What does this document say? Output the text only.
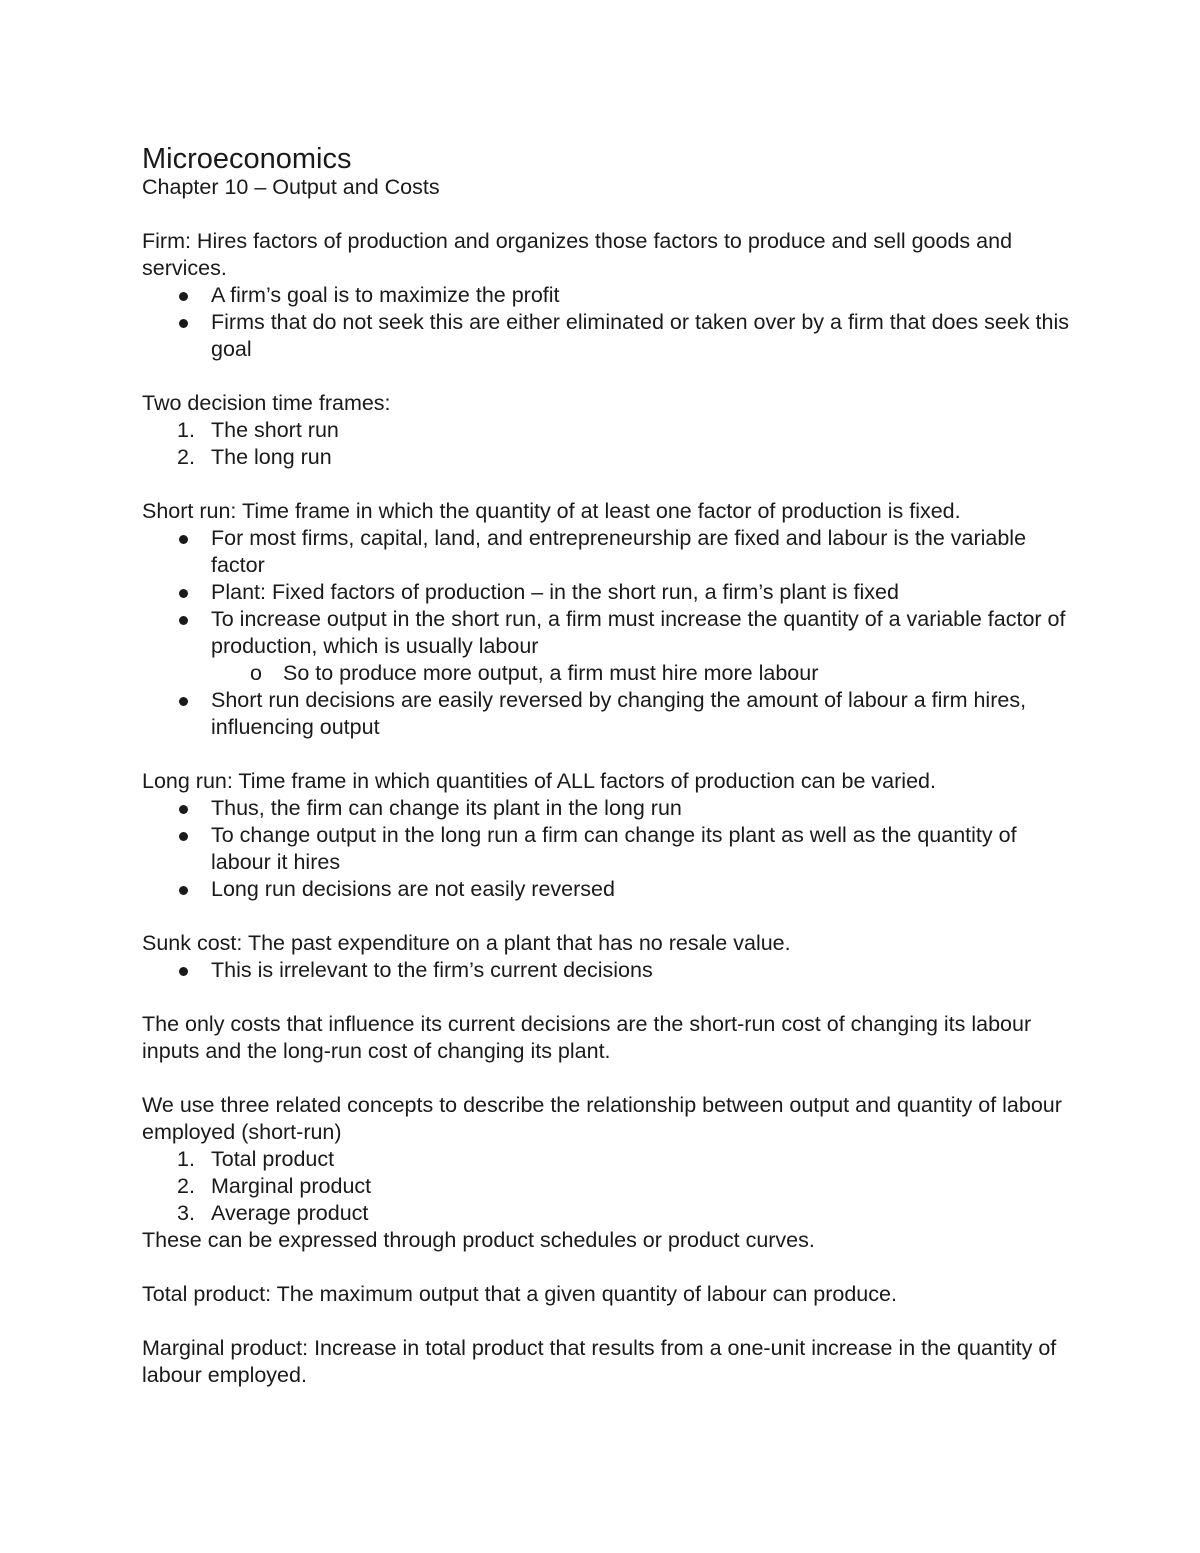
Microeconomics

Chapter 10 – Output and Costs

Firm: Hires factors of production and organizes those factors to produce and sell goods and services.

A firm’s goal is to maximize the profit
Firms that do not seek this are either eliminated or taken over by a firm that does seek this goal

Two decision time frames:

1. The short run
2. The long run

Short run: Time frame in which the quantity of at least one factor of production is fixed.

For most firms, capital, land, and entrepreneurship are fixed and labour is the variable factor
Plant: Fixed factors of production – in the short run, a firm’s plant is fixed
To increase output in the short run, a firm must increase the quantity of a variable factor of production, which is usually labour
o So to produce more output, a firm must hire more labour
Short run decisions are easily reversed by changing the amount of labour a firm hires, influencing output

Long run: Time frame in which quantities of ALL factors of production can be varied.

Thus, the firm can change its plant in the long run
To change output in the long run a firm can change its plant as well as the quantity of labour it hires
Long run decisions are not easily reversed

Sunk cost: The past expenditure on a plant that has no resale value.

This is irrelevant to the firm’s current decisions

The only costs that influence its current decisions are the short-run cost of changing its labour inputs and the long-run cost of changing its plant.

We use three related concepts to describe the relationship between output and quantity of labour employed (short-run)

1. Total product
2. Marginal product
3. Average product

These can be expressed through product schedules or product curves.

Total product: The maximum output that a given quantity of labour can produce.

Marginal product: Increase in total product that results from a one-unit increase in the quantity of labour employed.
